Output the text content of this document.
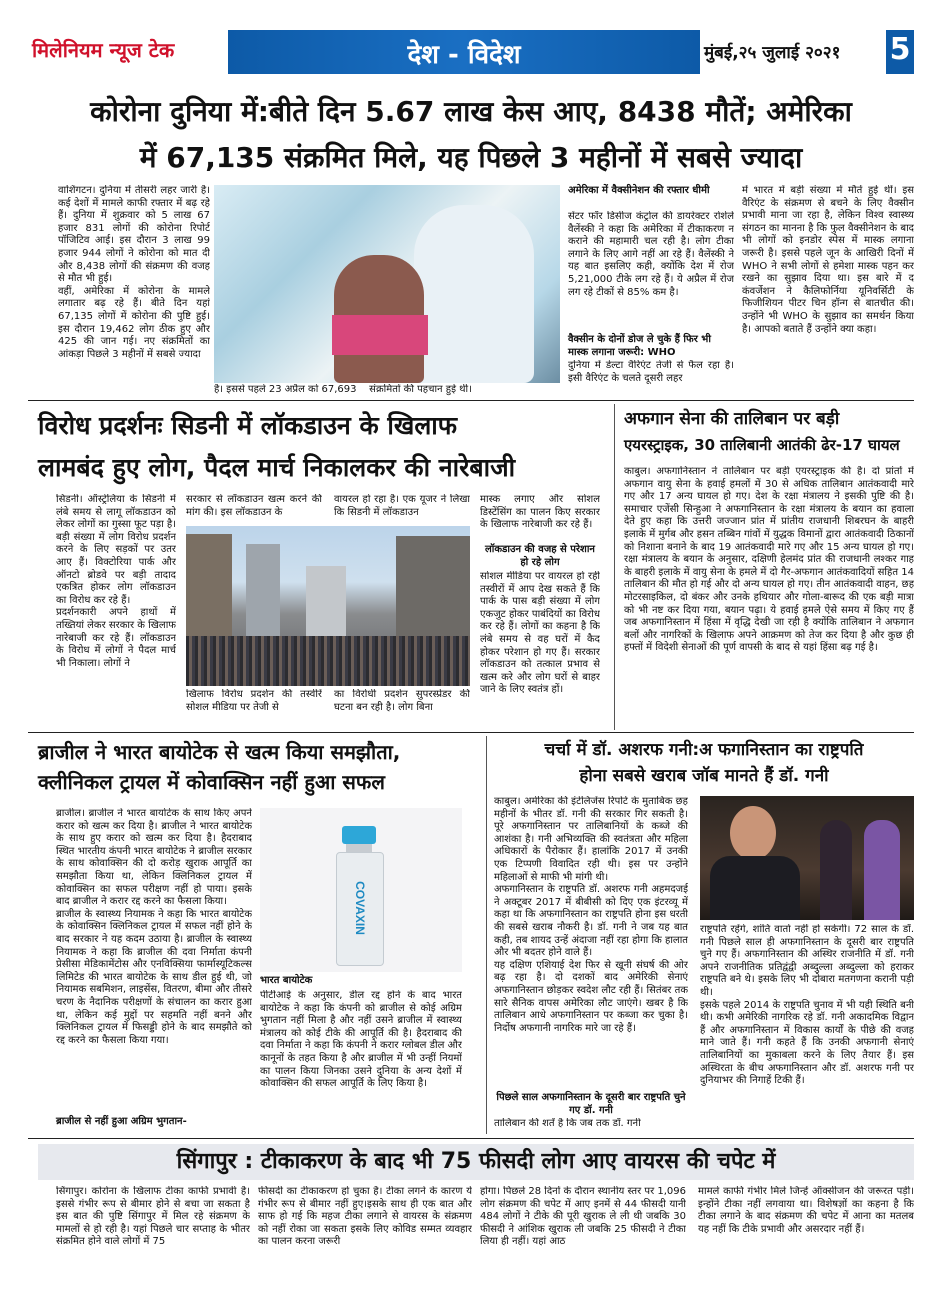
मिलेनियम न्यूज टेक	देश - विदेश	मुंबई,२५ जुलाई २०२१	5
कोरोना दुनिया में:बीते दिन 5.67 लाख केस आए, 8438 मौतें; अमेरिका
में 67,135 संक्रमित मिले, यह पिछले 3 महीनों में सबसे ज्यादा
वाशिंगटन। दुनिया में तीसरी लहर जारी है। कई देशों में मामले काफी रफ्तार में बढ़ रहे हैं। दुनिया में शुक्रवार को 5 लाख 67 हजार 831 लोगों की कोरोना रिपोर्ट पॉजिटिव आई। इस दौरान 3 लाख 99 हजार 944 लोगों ने कोरोना को मात दी और 8,438 लोगों की संक्रमण की वजह से मौत भी हुई।
वहीं, अमेरिका में कोरोना के मामले लगातार बढ़ रहे हैं। बीते दिन यहां 67,135 लोगों में कोरोना की पुष्टि हुई। इस दौरान 19,462 लोग ठीक हुए और 425 की जान गई। नए संक्रमितों का आंकड़ा पिछले 3 महीनों में सबसे ज्यादा
है। इससे पहले 23 अप्रैल को 67,693    संक्रमितों की पहचान हुई थी।
अमेरिका में वैक्सीनेशन की रफ्तार धीमी
सेंटर फॉर डिसीज कंट्रोल की डायरेक्टर रोशेले वैलेंस्की ने कहा कि अमेरिका में टीकाकरण न कराने की महामारी चल रही है। लोग टीका लगाने के लिए आगे नहीं आ रहे हैं। वैलेंस्की ने यह बात इसलिए कही, क्योंकि देश में रोज 5,21,000 टीके लग रहे हैं। ये अप्रैल में रोज लग रहे टीकों से 85% कम है।
वैक्सीन के दोनों डोज ले चुके हैं फिर भी मास्क लगाना जरूरी: WHO
दुनिया में डेल्टा वैरिएंट तेजी से फैल रहा है। इसी वैरिएंट के चलते दूसरी लहर
में भारत में बड़ी संख्या में मौतें हुई थीं। इस वैरिएंट के संक्रमण से बचने के लिए वैक्सीन प्रभावी माना जा रहा है, लेकिन विश्व स्वास्थ्य संगठन का मानना है कि फुल वैक्सीनेशन के बाद भी लोगों को इनडोर स्पेस में मास्क लगाना जरूरी है। इससे पहले जून के आखिरी दिनों में WHO ने सभी लोगों से हमेशा मास्क पहन कर रखने का सुझाव दिया था। इस बारे में द कंवर्जेशन ने कैलिफोर्निया यूनिवर्सिटी के फिजीशियन पीटर चिन हॉन्ग से बातचीत की। उन्होंने भी WHO के सुझाव का समर्थन किया है। आपको बताते हैं उन्होंने क्या कहा।
विरोध प्रदर्शनः सिडनी में लॉकडाउन के खिलाफ
लामबंद हुए लोग, पैदल मार्च निकालकर की नारेबाजी
सिडनी। ऑस्ट्रेलिया के सिडनी में लंबे समय से लागू लॉकडाउन को लेकर लोगों का गुस्सा फूट पड़ा है। बड़ी संख्या में लोग विरोध प्रदर्शन करने के लिए सड़कों पर उतर आए हैं। विक्टोरिया पार्क और ऑनटो ब्रोडवे पर बड़ी तादाद एकत्रित होकर लोग लॉकडाउन का विरोध कर रहे हैं।
प्रदर्शनकारी अपने हाथों में तख्तियां लेकर सरकार के खिलाफ नारेबाजी कर रहे हैं। लॉकडाउन के विरोध में लोगों ने पैदल मार्च भी निकाला। लोगों ने
सरकार से लॉकडाउन खत्म करने की मांग की। इस लॉकडाउन के
वायरल हो रहा है। एक यूजर ने लिखा कि सिडनी में लॉकडाउन
खिलाफ विरोध प्रदर्शन की तस्वीरें सोशल मीडिया पर तेजी से
का विरोधी प्रदर्शन सुपरस्प्रेडर की घटना बन रही है। लोग बिना
मास्क लगाए और सोशल डिस्टेंसिंग का पालन किए सरकार के खिलाफ नारेबाजी कर रहे हैं।
लॉकडाउन की वजह से परेशान हो रहे लोग
सोशल मीडिया पर वायरल हो रही तस्वीरों में आप देख सकते हैं कि पार्क के पास बड़ी संख्या में लोग एकजुट होकर पाबंदियों का विरोध कर रहे हैं। लोगों का कहना है कि लंबे समय से वह घरों में कैद होकर परेशान हो गए हैं। सरकार लॉकडाउन को तत्काल प्रभाव से खत्म करे और लोग घरों से बाहर जाने के लिए स्वतंत्र हों।
अफगान सेना की तालिबान पर बड़ी
एयरस्ट्राइक, 30 तालिबानी आतंकी ढेर-17 घायल
काबुल। अफगानिस्तान ने तालिबान पर बड़ी एयरस्ट्राइक की है। दो प्रांतों में अफगान वायु सेना के हवाई हमलों में 30 से अधिक तालिबान आतंकवादी मारे गए और 17 अन्य घायल हो गए। देश के रक्षा मंत्रालय ने इसकी पुष्टि की है। समाचार एजेंसी सिन्हुआ ने अफगानिस्तान के रक्षा मंत्रालय के बयान का हवाला देते हुए कहा कि उत्तरी जज्जान प्रांत में प्रांतीय राजधानी शिबरघन के बाहरी इलाके में मुर्गब और हसन तब्बिन गांवों में युद्धक विमानों द्वारा आतंकवादी ठिकानों को निशाना बनाने के बाद 19 आतंकवादी मारे गए और 15 अन्य घायल हो गए। रक्षा मंत्रालय के बयान के अनुसार, दक्षिणी हेलमंद प्रांत की राजधानी लश्कर गाह के बाहरी इलाके में वायु सेना के हमले में दो गैर-अफगान आतंकवादियों सहित 14 तालिबान की मौत हो गई और दो अन्य घायल हो गए। तीन आतंकवादी वाहन, छह मोटरसाइकिल, दो बंकर और उनके हथियार और गोला-बारूद की एक बड़ी मात्रा को भी नष्ट कर दिया गया, बयान पढ़ा। ये हवाई हमले ऐसे समय में किए गए हैं जब अफगानिस्तान में हिंसा में वृद्धि देखी जा रही है क्योंकि तालिबान ने अफगान बलों और नागरिकों के खिलाफ अपने आक्रमण को तेज कर दिया है और कुछ ही हफ्तों में विदेशी सेनाओं की पूर्ण वापसी के बाद से यहां हिंसा बढ़ गई है।
ब्राजील ने भारत बायोटेक से खत्म किया समझौता,
क्लीनिकल ट्रायल में कोवाक्सिन नहीं हुआ सफल
ब्राजील। ब्राजील ने भारत बायोटेक के साथ किए अपने करार को खत्म कर दिया है। ब्राजील ने भारत बायोटेक के साथ हुए करार को खत्म कर दिया है। हैदराबाद स्थित भारतीय कंपनी भारत बायोटेक ने ब्राजील सरकार के साथ कोवाक्सिन की दो करोड़ खुराक आपूर्ति का समझौता किया था, लेकिन क्लिनिकल ट्रायल में कोवाक्सिन का सफल परीक्षण नहीं हो पाया। इसके बाद ब्राजील ने करार रद्द करने का फैसला किया।
ब्राजील के स्वास्थ्य नियामक ने कहा कि भारत बायोटेक के कोवाक्सिन क्लिनिकल ट्रायल में सफल नहीं होने के बाद सरकार ने यह कदम उठाया है। ब्राजील के स्वास्थ्य नियामक ने कहा कि ब्राजील की दवा निर्माता कंपनी प्रेसीसा मेडिकामेंटोस और एनविक्सिया फार्मास्यूटिकल्स लिमिटेड की भारत बायोटेक के साथ डील हुई थी, जो नियामक सबमिशन, लाइसेंस, वितरण, बीमा और तीसरे चरण के नैदानिक परीक्षणों के संचालन का करार हुआ था, लेकिन कई मुद्दों पर सहमति नहीं बनने और क्लिनिकल ट्रायल में फिसड्डी होने के बाद समझौते को रद्द करने का फैसला किया गया।
ब्राजील से नहीं हुआ अग्रिम भुगतान-
COVAXIN
भारत बायोटेक
पीटीआई के अनुसार, डील रद्द होने के बाद भारत बायोटेक ने कहा कि कंपनी को ब्राजील से कोई अग्रिम भुगतान नहीं मिला है और नहीं उसने ब्राजील में स्वास्थ्य मंत्रालय को कोई टीके की आपूर्ति की है। हैदराबाद की दवा निर्माता ने कहा कि कंपनी ने करार ग्लोबल डील और कानूनों के तहत किया है और ब्राजील में भी उन्हीं नियमों का पालन किया जिनका उसने दुनिया के अन्य देशों में कोवाक्सिन की सफल आपूर्ति के लिए किया है।
चर्चा में डॉ. अशरफ गनी:अ फगानिस्तान का राष्ट्रपति
होना सबसे खराब जॉब मानते हैं डॉ. गनी
काबुल। अमेरिका की इंटेलिजेंस रिपोर्ट के मुताबिक छह महीनों के भीतर डॉ. गनी की सरकार गिर सकती है। पूरे अफगानिस्तान पर तालिबानियों के कब्जे की आशंका है। गनी अभिव्यक्ति की स्वतंत्रता और महिला अधिकारों के पैरोकार हैं। हालांकि 2017 में उनकी एक टिप्पणी विवादित रही थी। इस पर उन्होंने महिलाओं से माफी भी मांगी थी।
अफगानिस्तान के राष्ट्रपति डॉ. अशरफ गनी अहमदजई ने अक्टूबर 2017 में बीबीसी को दिए एक इंटरव्यू में कहा था कि अफगानिस्तान का राष्ट्रपति होना इस धरती की सबसे खराब नौकरी है। डॉ. गनी ने जब यह बात कही, तब शायद उन्हें अंदाजा नहीं रहा होगा कि हालात और भी बदतर होने वाले हैं।
यह दक्षिण एशियाई देश फिर से खूनी संघर्ष की ओर बढ़ रहा है। दो दशकों बाद अमेरिकी सेनाएं अफगानिस्तान छोड़कर स्वदेश लौट रही हैं। सितंबर तक सारे सैनिक वापस अमेरिका लौट जाएंगे। खबर है कि तालिबान आधे अफगानिस्तान पर कब्जा कर चुका है। निर्दोष अफगानी नागरिक मारे जा रहे हैं।
पिछले साल अफगानिस्तान के दूसरी बार राष्ट्रपति चुने गए डॉ. गनी
तालिबान की शर्तें है कि जब तक डॉ. गनी
राष्ट्रपति रहेंगे, शांति वार्ता नहीं हो सकेगी। 72 साल के डॉ. गनी पिछले साल ही अफगानिस्तान के दूसरी बार राष्ट्रपति चुने गए हैं। अफगानिस्तान की अस्थिर राजनीति में डॉ. गनी अपने राजनीतिक प्रतिद्वंद्वी अब्दुल्ला अब्दुल्ला को हराकर राष्ट्रपति बने थे। इसके लिए भी दोबारा मतगणना करानी पड़ी थी।
इसके पहले 2014 के राष्ट्रपति चुनाव में भी यही स्थिति बनी थी। कभी अमेरिकी नागरिक रहे डॉ. गनी अकादमिक विद्वान हैं और अफगानिस्तान में विकास कार्यों के पीछे की वजह माने जाते हैं। गनी कहते हैं कि उनकी अफगानी सेनाएं तालिबानियों का मुकाबला करने के लिए तैयार हैं। इस अस्थिरता के बीच अफगानिस्तान और डॉ. अशरफ गनी पर दुनियाभर की निगाहें टिकी हैं।
सिंगापुर : टीकाकरण के बाद भी 75 फीसदी लोग आए वायरस की चपेट में
सिंगापुर। कोरोना के खिलाफ टीका काफी प्रभावी है। इससे गंभीर रूप से बीमार होने से बचा जा सकता है इस बात की पुष्टि सिंगापुर में मिल रहे संक्रमण के मामलों से हो रही है। यहां पिछले चार सप्ताह के भीतर संक्रमित होने वाले लोगों में 75
फीसदी का टीकाकरण हो चुका है। टीका लगने के कारण ये गंभीर रूप से बीमार नहीं हुए।इसके साथ ही एक बात और साफ हो गई कि महज टीका लगाने से वायरस के संक्रमण को नहीं रोका जा सकता इसके लिए कोविड सम्मत व्यवहार का पालन करना जरूरी
होगा। पिछले 28 दिनों के दौरान स्थानीय स्तर पर 1,096 लोग संक्रमण की चपेट में आए इनमें से 44 फीसदी यानी 484 लोगों ने टीके की पूरी खुराक ले ली थी जबकि 30 फीसदी ने आंशिक खुराक ली जबकि 25 फीसदी ने टीका लिया ही नहीं। यहां आठ
मामले काफी गंभीर मिले जिन्हें ऑक्सीजन की जरूरत पड़ी। इन्होंने टीका नहीं लगवाया था। विशेषज्ञों का कहना है कि टीका लगाने के बाद संक्रमण की चपेट में आना का मतलब यह नहीं कि टीके प्रभावी और असरदार नहीं हैं।
